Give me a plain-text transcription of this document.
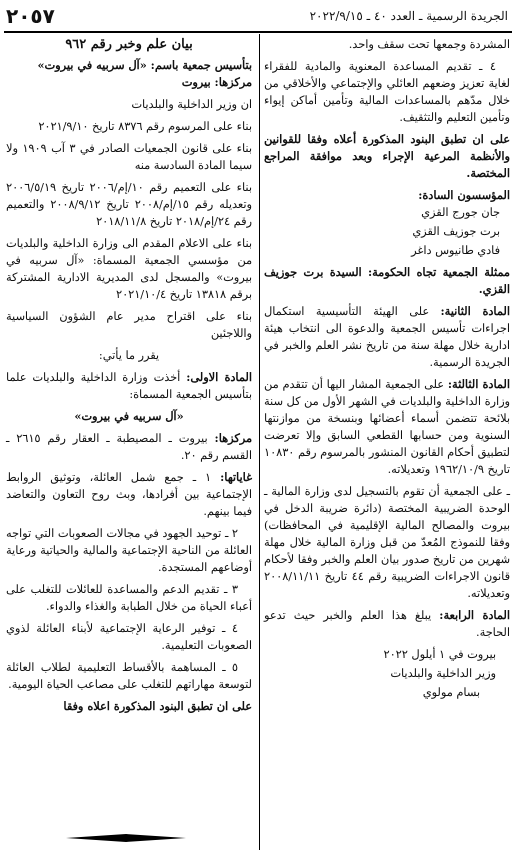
الجريدة الرسمية ـ العدد ٤٠ ـ ٢٠٢٢/٩/١٥
٢٠٥٧

المشردة وجمعها تحت سقف واحد.

٤ ـ تقديم المساعدة المعنوية والمادية للفقراء لغاية تعزيز وضعهم العائلي والإجتماعي والأخلاقي من خلال مدّهم بالمساعدات المالية وتأمين أماكن إيواء وتأمين التعليم والتثقيف.

على ان تطبق البنود المذكورة أعلاه وفقا للقوانين والأنظمة المرعية الإجراء وبعد موافقة المراجع المختصة.

المؤسسون السادة:

جان جورج القزي

برت جوزيف القزي

فادي طانيوس داغر

ممثلة الجمعية تجاه الحكومة: السيدة برت جوزيف القزي.

المادة الثانية: على الهيئة التأسيسية استكمال اجراءات تأسيس الجمعية والدعوة الى انتخاب هيئة ادارية خلال مهلة سنة من تاريخ نشر العلم والخبر في الجريدة الرسمية.

المادة الثالثة: على الجمعية المشار اليها أن تتقدم من وزارة الداخلية والبلديات في الشهر الأول من كل سنة بلائحة تتضمن أسماء أعضائها وبنسخة من موازنتها السنوية ومن حسابها القطعي السابق وإلا تعرضت لتطبيق أحكام القانون المنشور بالمرسوم رقم ١٠٨٣٠ تاريخ ١٩٦٢/١٠/٩ وتعديلاته.

ـ على الجمعية أن تقوم بالتسجيل لدى وزارة المالية ـ الوحدة الضريبية المختصة (دائرة ضريبة الدخل في بيروت والمصالح المالية الإقليمية في المحافظات) وفقا للنموذج المُعدّ من قبل وزارة المالية خلال مهلة شهرين من تاريخ صدور بيان العلم والخبر وفقا لأحكام قانون الاجراءات الضريبية رقم ٤٤ تاريخ ٢٠٠٨/١١/١١ وتعديلاته.

المادة الرابعة: يبلغ هذا العلم والخبر حيث تدعو الحاجة.

بيروت في ١ أيلول ٢٠٢٢

وزير الداخلية والبلديات

بسام مولوي

بيان علم وخبر رقم ٩٦٢

بتأسيس جمعية باسم: «آل سربيه في بيروت»

مركزها: بيروت

ان وزير الداخلية والبلديات

بناء على المرسوم رقم ٨٣٧٦ تاريخ ٢٠٢١/٩/١٠

بناء على قانون الجمعيات الصادر في ٣ آب ١٩٠٩ ولا سيما المادة السادسة منه

بناء على التعميم رقم ١٠/إم/٢٠٠٦ تاريخ ٢٠٠٦/٥/١٩ وتعديله رقم ١٥/إم/٢٠٠٨ تاريخ ٢٠٠٨/٩/١٢ والتعميم رقم ٢٤/إم/٢٠١٨ تاريخ ٢٠١٨/١١/٨

بناء على الاعلام المقدم الى وزارة الداخلية والبلديات من مؤسسي الجمعية المسماة: «آل سربيه في بيروت» والمسجل لدى المديرية الادارية المشتركة برقم ١٣٨١٨ تاريخ ٢٠٢١/١٠/٤

بناء على اقتراح مدير عام الشؤون السياسية واللاجئين

يقرر ما يأتي:

المادة الاولى: أخذت وزارة الداخلية والبلديات علما بتأسيس الجمعية المسماة:

«آل سربيه في بيروت»

مركزها: بيروت ـ المصيطبة ـ العقار رقم ٢٦١٥ ـ القسم رقم ٢٠.

غاياتها: ١ ـ جمع شمل العائلة، وتوثيق الروابط الإجتماعية بين أفرادها، وبث روح التعاون والتعاضد فيما بينهم.

٢ ـ توحيد الجهود في مجالات الصعوبات التي تواجه العائلة من الناحية الإجتماعية والمالية والحياتية ورعاية أوضاعهم المستجدة.

٣ ـ تقديم الدعم والمساعدة للعائلات للتغلب على أعباء الحياة من خلال الطبابة والغذاء والدواء.

٤ ـ توفير الرعاية الإجتماعية لأبناء العائلة لذوي الصعوبات التعليمية.

٥ ـ المساهمة بالأقساط التعليمية لطلاب العائلة لتوسعة مهاراتهم للتغلب على مصاعب الحياة اليومية.

على ان تطبق البنود المذكورة اعلاه وفقا
